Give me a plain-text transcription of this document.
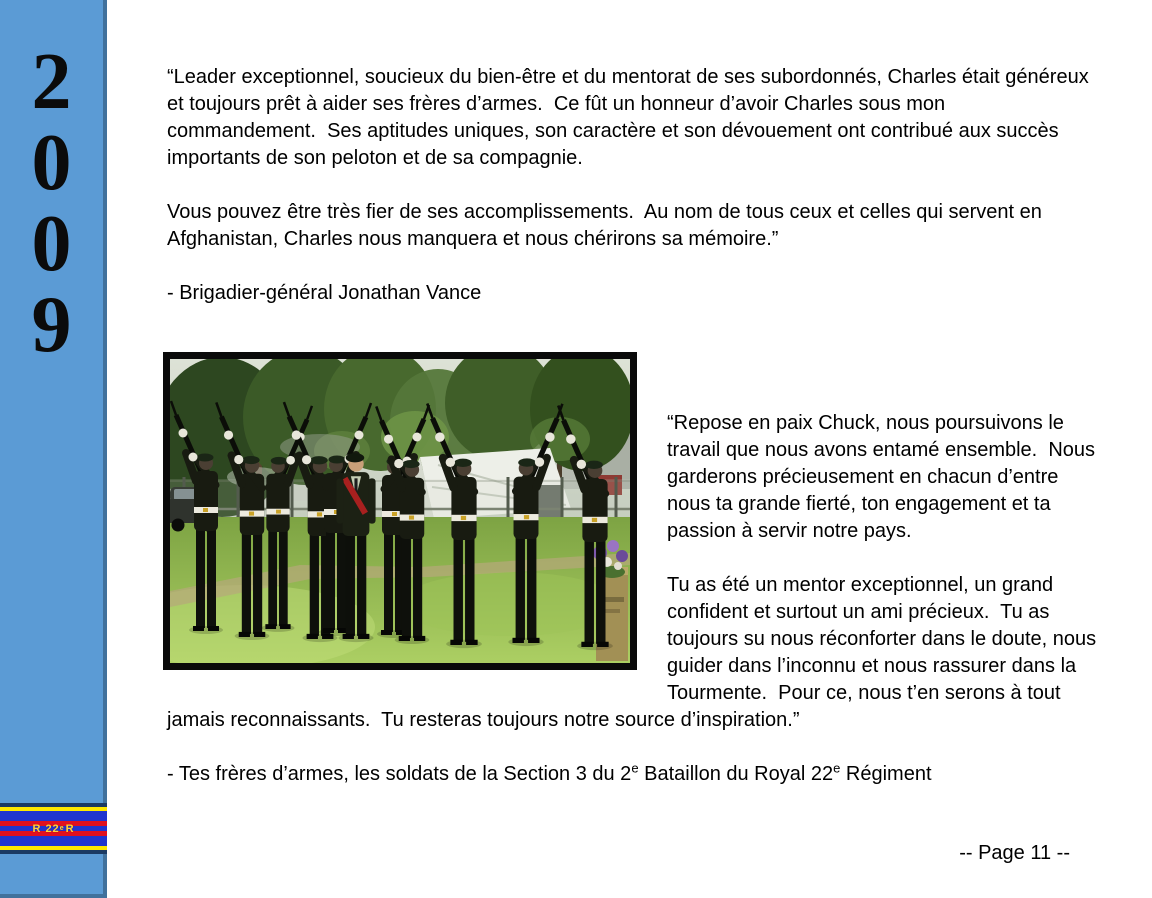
2
0
0
9
R 22 e R

“Leader exceptionnel, soucieux du bien-être et du mentorat de ses subordonnés, Charles était généreux et toujours prêt à aider ses frères d’armes.  Ce fût un honneur d’avoir Charles sous mon commandement.  Ses aptitudes uniques, son caractère et son dévouement ont contribué aux succès importants de son peloton et de sa compagnie.

Vous pouvez être très fier de ses accomplissements.  Au nom de tous ceux et celles qui servent en Afghanistan, Charles nous manquera et nous chérirons sa mémoire.”

- Brigadier-général Jonathan Vance

“Repose en paix Chuck, nous poursuivons le travail que nous avons entamé ensemble.  Nous garderons précieusement en chacun d’entre nous ta grande fierté, ton engagement et ta passion à servir notre pays.

Tu as été un mentor exceptionnel, un grand confident et surtout un ami précieux.  Tu as toujours su nous réconforter dans le doute, nous guider dans l’inconnu et nous rassurer dans la Tourmente.  Pour ce, nous t’en serons à tout jamais reconnaissants.  Tu resteras toujours notre source d’inspiration.”

- Tes frères d’armes, les soldats de la Section 3 du 2e Bataillon du Royal 22e Régiment

-- Page 11 --
